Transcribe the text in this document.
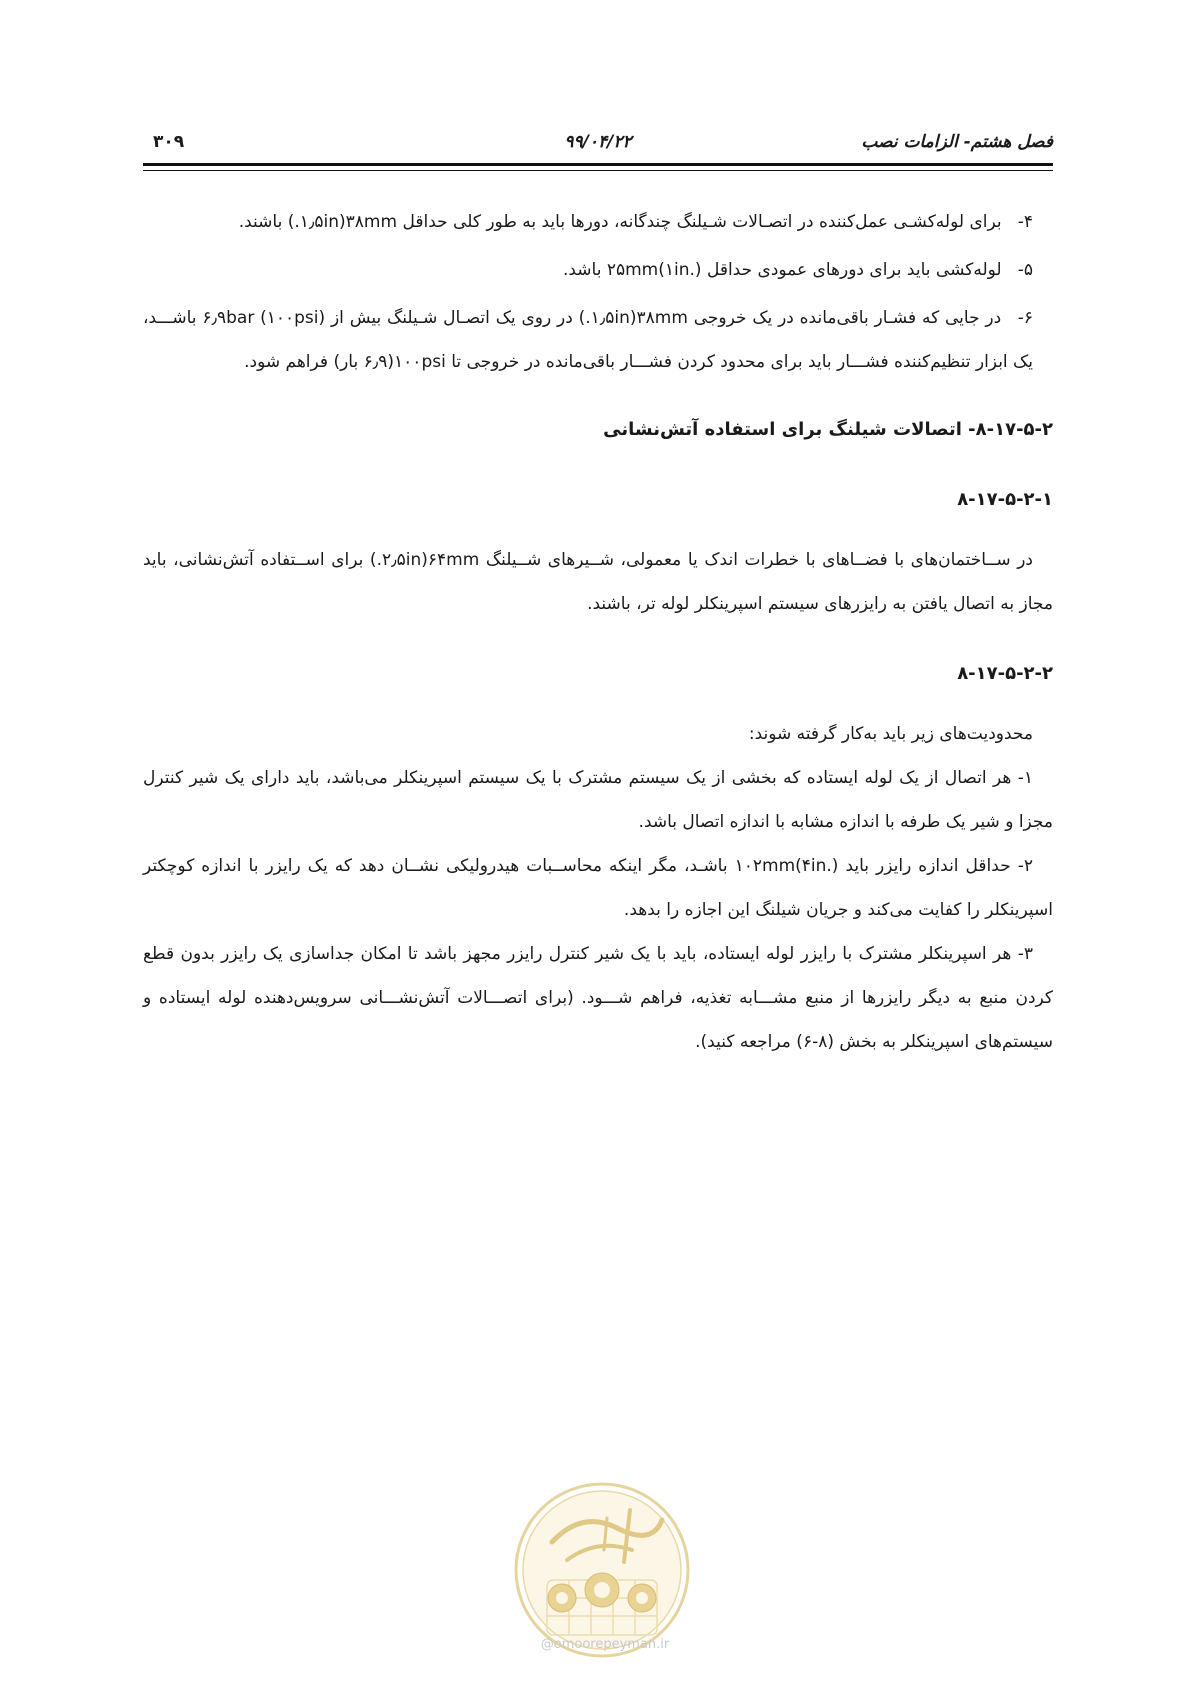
فصل هشتم- الزامات نصب
۹۹/۰۴/۲۲
۳۰۹

۴- برای لوله‌کشـی عمل‌کننده در اتصـالات شـیلنگ چندگانه، دورها باید به طور کلی حداقل ۳۸mm(۱٫۵in.) باشند.

۵- لوله‌کشی باید برای دورهای عمودی حداقل ۲۵mm(۱in.) باشد.

۶- در جایی که فشـار باقی‌مانده در یک خروجی ۳۸mm(۱٫۵in.) در روی یک اتصـال شـیلنگ بیش از ۶٫۹bar (۱۰۰psi) باشـــد، یک ابزار تنظیم‌کننده فشـــار باید برای محدود کردن فشـــار باقی‌مانده در خروجی تا ۱۰۰psi(۶٫۹ بار) فراهم شود.

۸-۱۷-۵-۲- اتصالات شیلنگ برای استفاده آتش‌نشانی
۸-۱۷-۵-۲-۱

در ســاختمان‌های با فضــاهای با خطرات اندک یا معمولی، شــیرهای شــیلنگ ۶۴mm(۲٫۵in.) برای اســتفاده آتش‌نشانی، باید مجاز به اتصال یافتن به رایزرهای سیستم اسپرینکلر لوله تر، باشند.

۸-۱۷-۵-۲-۲

محدودیت‌های زیر باید به‌کار گرفته شوند:

۱- هر اتصال از یک لوله ایستاده که بخشی از یک سیستم مشترک با یک سیستم اسپرینکلر می‌باشد، باید دارای یک شیر کنترل مجزا و شیر یک طرفه با اندازه مشابه با اندازه اتصال باشد.

۲- حداقل اندازه رایزر باید ۱۰۲mm(۴in.) باشـد، مگر اینکه محاســبات هیدرولیکی نشــان دهد که یک رایزر با اندازه کوچکتر اسپرینکلر را کفایت می‌کند و جریان شیلنگ این اجازه را بدهد.

۳- هر اسپرینکلر مشترک با رایزر لوله ایستاده، باید با یک شیر کنترل رایزر مجهز باشد تا امکان جداسازی یک رایزر بدون قطع کردن منبع به دیگر رایزرها از منبع مشـــابه تغذیه، فراهم شـــود. (برای اتصـــالات آتش‌نشـــانی سرویس‌دهنده لوله ایستاده و سیستم‌های اسپرینکلر به بخش (۸-۶) مراجعه کنید).

@omoorepeyman.ir
